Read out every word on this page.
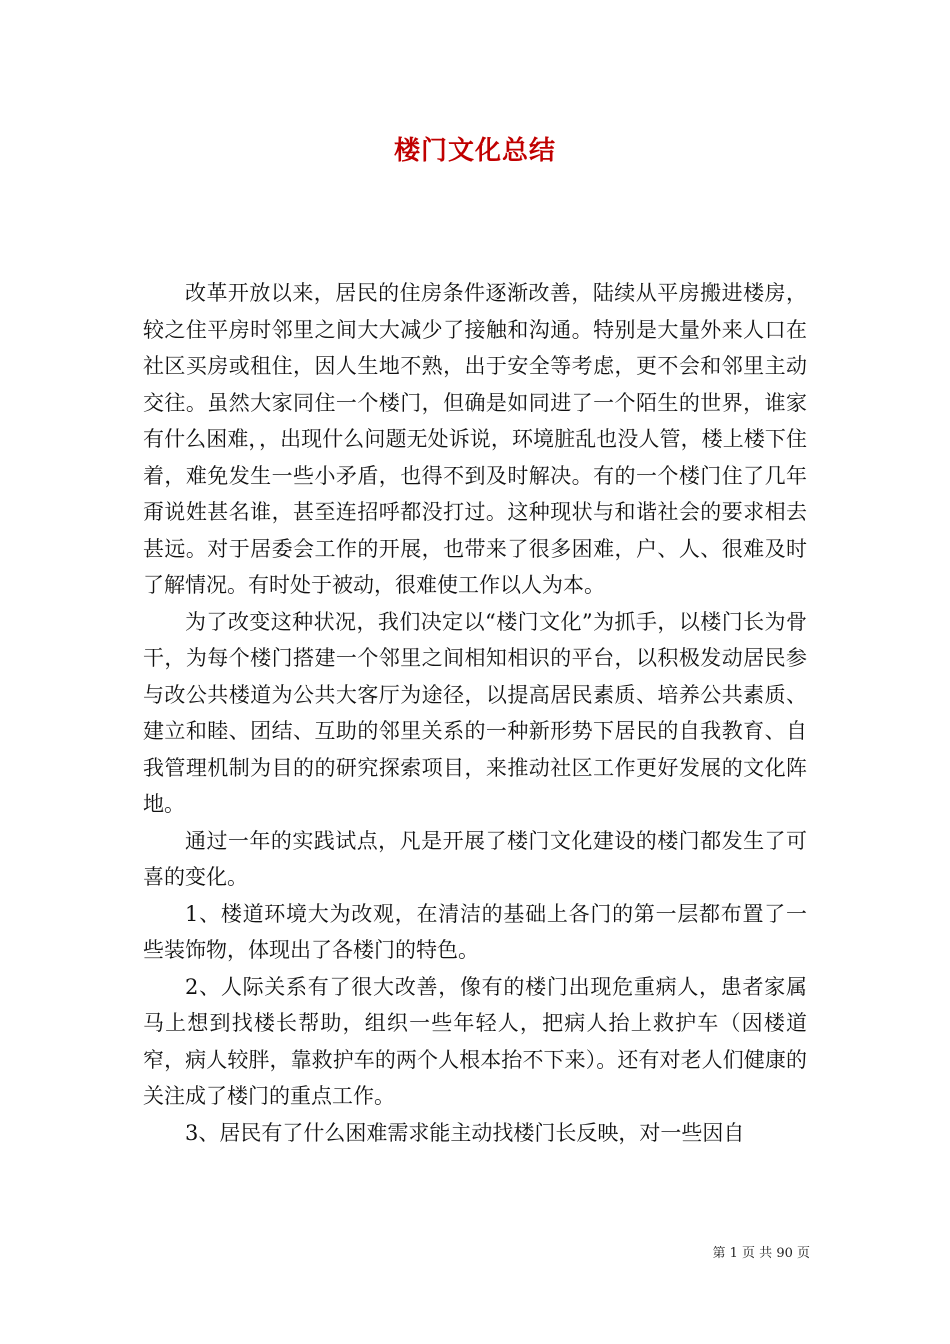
楼门文化总结

改革开放以来，居民的住房条件逐渐改善，陆续从平房搬进楼房，较之住平房时邻里之间大大减少了接触和沟通。特别是大量外来人口在社区买房或租住，因人生地不熟，出于安全等考虑，更不会和邻里主动交往。虽然大家同住一个楼门，但确是如同进了一个陌生的世界，谁家有什么困难，，出现什么问题无处诉说，环境脏乱也没人管，楼上楼下住着，难免发生一些小矛盾，也得不到及时解决。有的一个楼门住了几年甭说姓甚名谁，甚至连招呼都没打过。这种现状与和谐社会的要求相去甚远。对于居委会工作的开展，也带来了很多困难，户、人、很难及时了解情况。有时处于被动，很难使工作以人为本。

为了改变这种状况，我们决定以“楼门文化”为抓手，以楼门长为骨干，为每个楼门搭建一个邻里之间相知相识的平台，以积极发动居民参与改公共楼道为公共大客厅为途径，以提高居民素质、培养公共素质、建立和睦、团结、互助的邻里关系的一种新形势下居民的自我教育、自我管理机制为目的的研究探索项目，来推动社区工作更好发展的文化阵地。

通过一年的实践试点，凡是开展了楼门文化建设的楼门都发生了可喜的变化。

1、楼道环境大为改观，在清洁的基础上各门的第一层都布置了一些装饰物，体现出了各楼门的特色。

2、人际关系有了很大改善，像有的楼门出现危重病人，患者家属马上想到找楼长帮助，组织一些年轻人，把病人抬上救护车（因楼道窄，病人较胖，靠救护车的两个人根本抬不下来）。还有对老人们健康的关注成了楼门的重点工作。

3、居民有了什么困难需求能主动找楼门长反映，对一些因自

第 1 页 共 90 页
